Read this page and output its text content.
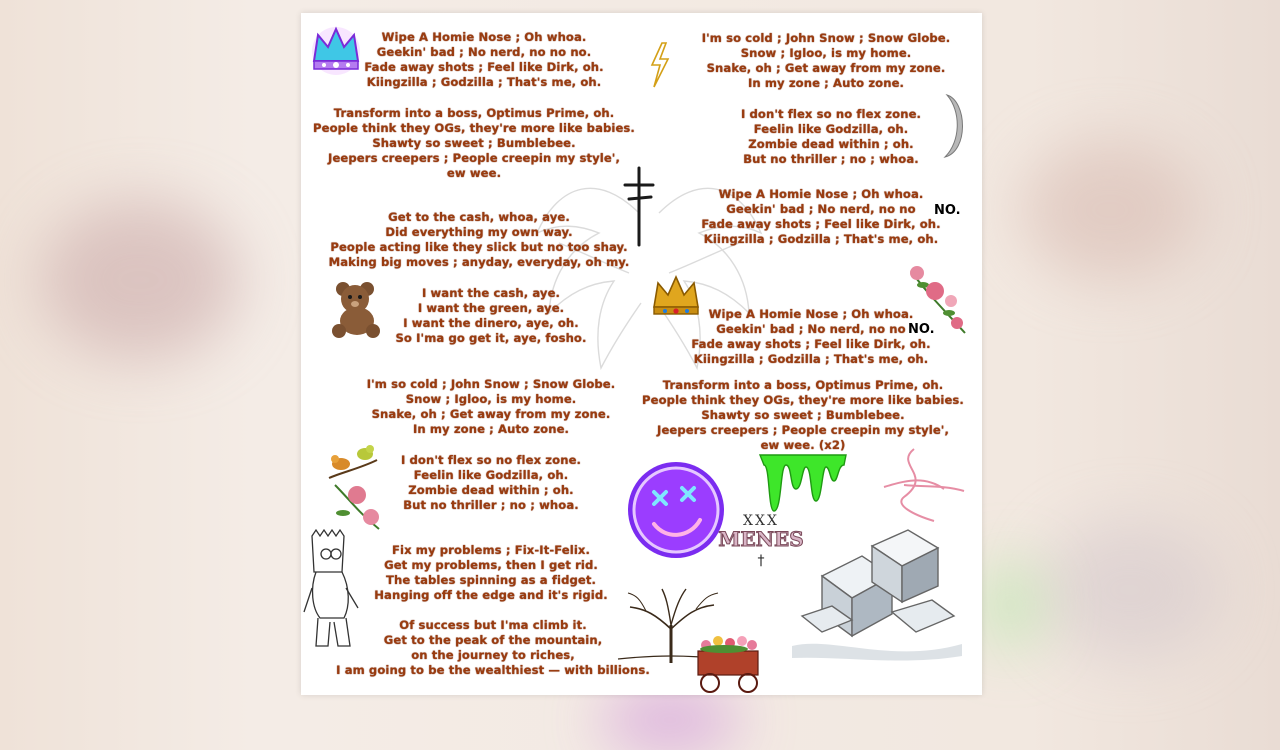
Wipe A Homie Nose ; Oh whoa.
Geekin' bad ; No nerd, no no no.
Fade away shots ; Feel like Dirk, oh.
Kiingzilla ; Godzilla ; That's me, oh.
Transform into a boss, Optimus Prime, oh.
People think they OGs, they're more like babies.
Shawty so sweet ; Bumblebee.
Jeepers creepers ; People creepin my style',
ew wee.
Get to the cash, whoa, aye.
Did everything my own way.
People acting like they slick but no too shay.
Making big moves ; anyday, everyday, oh my.
I want the cash, aye.
I want the green, aye.
I want the dinero, aye, oh.
So I'ma go get it, aye, fosho.
I'm so cold ; John Snow ; Snow Globe.
Snow ; Igloo, is my home.
Snake, oh ; Get away from my zone.
In my zone ; Auto zone.
I don't flex so no flex zone.
Feelin like Godzilla, oh.
Zombie dead within ; oh.
But no thriller ; no ; whoa.
Fix my problems ; Fix-It-Felix.
Get my problems, then I get rid.
The tables spinning as a fidget.
Hanging off the edge and it's rigid.
Of success but I'ma climb it.
Get to the peak of the mountain,
on the journey to riches,
I am going to be the wealthiest — with billions.
I'm so cold ; John Snow ; Snow Globe.
Snow ; Igloo, is my home.
Snake, oh ; Get away from my zone.
In my zone ; Auto zone.
I don't flex so no flex zone.
Feelin like Godzilla, oh.
Zombie dead within ; oh.
But no thriller ; no ; whoa.
Wipe A Homie Nose ; Oh whoa.
Geekin' bad ; No nerd, no no
Fade away shots ; Feel like Dirk, oh.
Kiingzilla ; Godzilla ; That's me, oh.
NO.
Wipe A Homie Nose ; Oh whoa.
Geekin' bad ; No nerd, no no
Fade away shots ; Feel like Dirk, oh.
Kiingzilla ; Godzilla ; That's me, oh.
NO.
Transform into a boss, Optimus Prime, oh.
People think they OGs, they're more like babies.
Shawty so sweet ; Bumblebee.
Jeepers creepers ; People creepin my style',
ew wee. (x2)
XXX
MENES
†
